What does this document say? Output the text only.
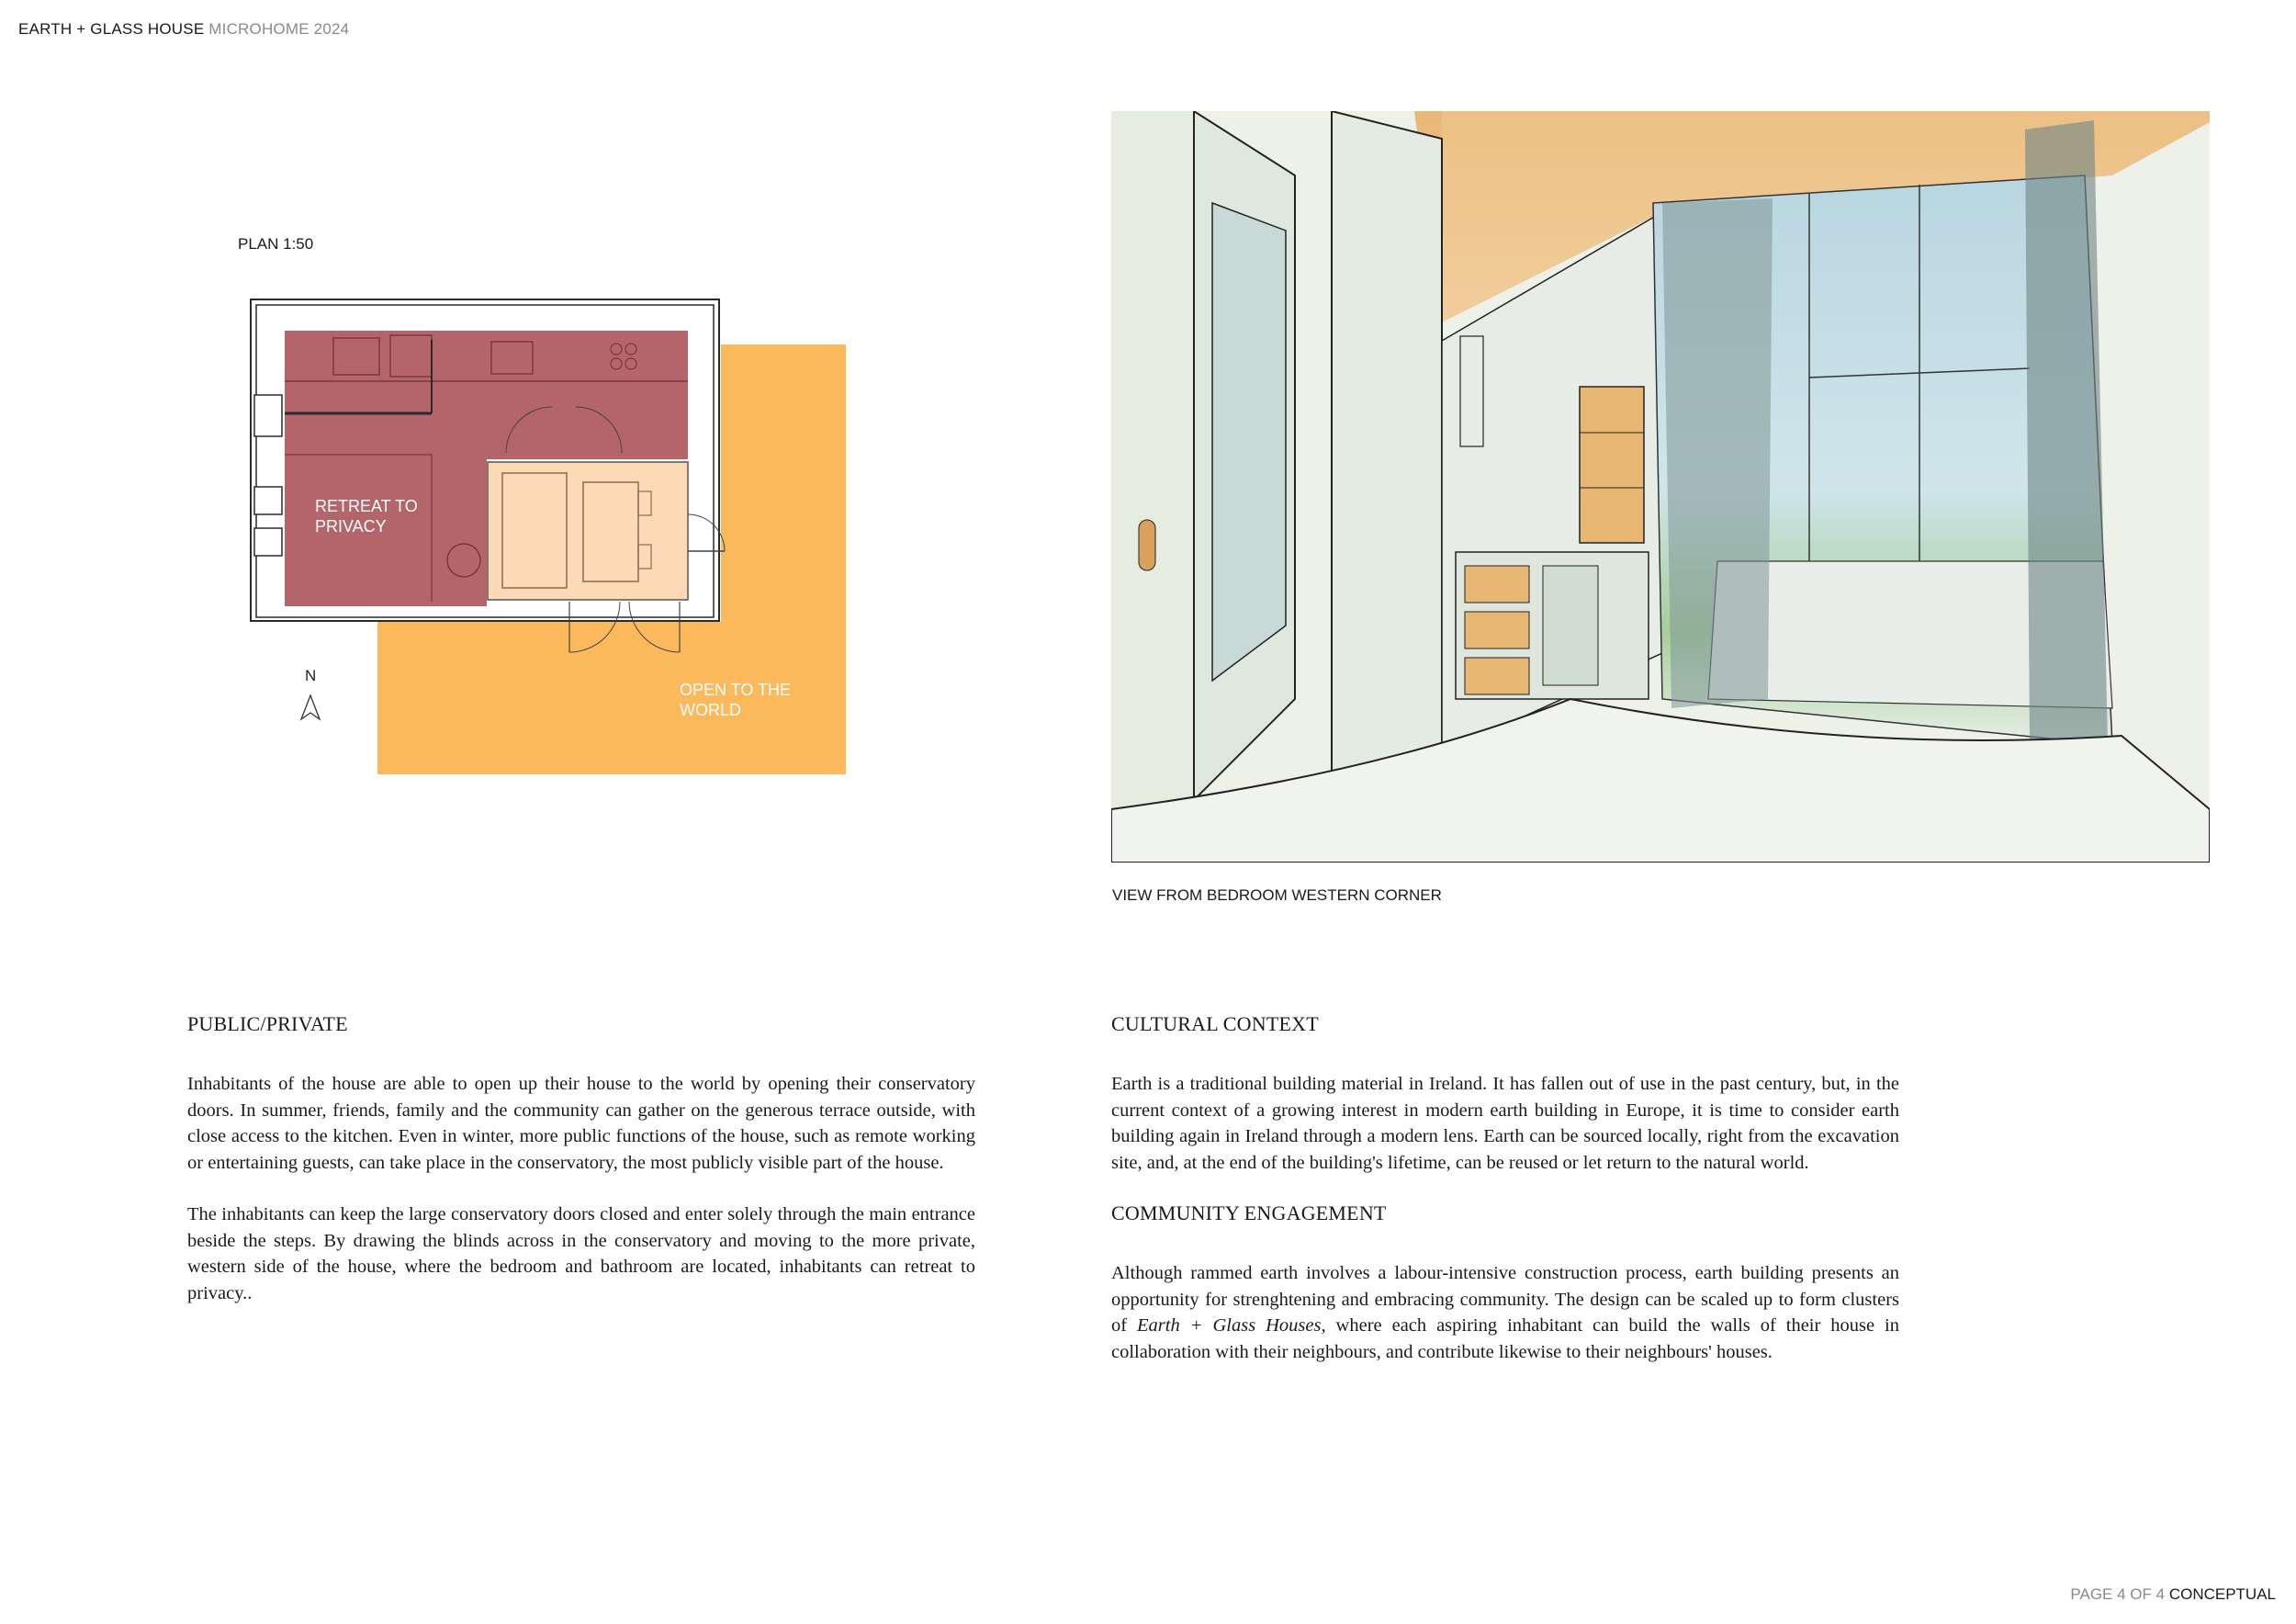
EARTH + GLASS HOUSE MICROHOME 2024
PLAN 1:50
RETREAT TO
PRIVACY
OPEN TO THE
WORLD
N
VIEW FROM BEDROOM WESTERN CORNER
PUBLIC/PRIVATE

Inhabitants of the house are able to open up their house to the world by opening their conservatory doors. In summer, friends, family and the community can gather on the generous terrace outside, with close access to the kitchen. Even in winter, more public functions of the house, such as remote working or entertaining guests, can take place in the conservatory, the most publicly visible part of the house.

The inhabitants can keep the large conservatory doors closed and enter solely through the main entrance beside the steps. By drawing the blinds across in the conservatory and moving to the more private, western side of the house, where the bedroom and bathroom are located, inhabitants can retreat to privacy..

CULTURAL CONTEXT

Earth is a traditional building material in Ireland. It has fallen out of use in the past century, but, in the current context of a growing interest in modern earth building in Europe, it is time to consider earth building again in Ireland through a modern lens. Earth can be sourced locally, right from the excavation site, and, at the end of the building's lifetime, can be reused or let return to the natural world.

COMMUNITY ENGAGEMENT

Although rammed earth involves a labour-intensive construction process, earth building presents an opportunity for strenghtening and embracing community. The design can be scaled up to form clusters of Earth + Glass Houses, where each aspiring inhabitant can build the walls of their house in collaboration with their neighbours, and contribute likewise to their neighbours' houses.

PAGE 4 OF 4 CONCEPTUAL
